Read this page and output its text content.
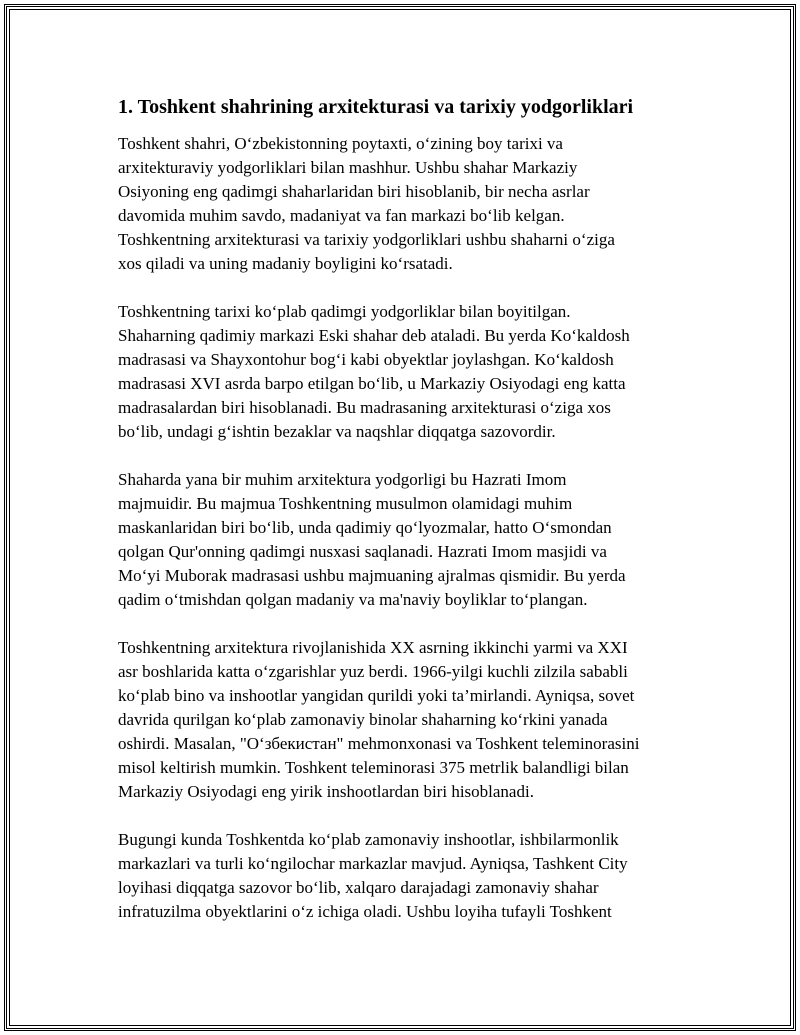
1. Toshkent shahrining arxitekturasi va tarixiy yodgorliklari
Toshkent shahri, O‘zbekistonning poytaxti, o‘zining boy tarixi va
arxitekturaviy yodgorliklari bilan mashhur. Ushbu shahar Markaziy
Osiyoning eng qadimgi shaharlaridan biri hisoblanib, bir necha asrlar
davomida muhim savdo, madaniyat va fan markazi bo‘lib kelgan.
Toshkentning arxitekturasi va tarixiy yodgorliklari ushbu shaharni o‘ziga
xos qiladi va uning madaniy boyligini ko‘rsatadi.
Toshkentning tarixi ko‘plab qadimgi yodgorliklar bilan boyitilgan.
Shaharning qadimiy markazi Eski shahar deb ataladi. Bu yerda Ko‘kaldosh
madrasasi va Shayxontohur bog‘i kabi obyektlar joylashgan. Ko‘kaldosh
madrasasi XVI asrda barpo etilgan bo‘lib, u Markaziy Osiyodagi eng katta
madrasalardan biri hisoblanadi. Bu madrasaning arxitekturasi o‘ziga xos
bo‘lib, undagi g‘ishtin bezaklar va naqshlar diqqatga sazovordir.
Shaharda yana bir muhim arxitektura yodgorligi bu Hazrati Imom
majmuidir. Bu majmua Toshkentning musulmon olamidagi muhim
maskanlaridan biri bo‘lib, unda qadimiy qo‘lyozmalar, hatto O‘smondan
qolgan Qur'onning qadimgi nusxasi saqlanadi. Hazrati Imom masjidi va
Mo‘yi Muborak madrasasi ushbu majmuaning ajralmas qismidir. Bu yerda
qadim o‘tmishdan qolgan madaniy va ma'naviy boyliklar to‘plangan.
Toshkentning arxitektura rivojlanishida XX asrning ikkinchi yarmi va XXI
asr boshlarida katta o‘zgarishlar yuz berdi. 1966-yilgi kuchli zilzila sababli
ko‘plab bino va inshootlar yangidan qurildi yoki ta’mirlandi. Ayniqsa, sovet
davrida qurilgan ko‘plab zamonaviy binolar shaharning ko‘rkini yanada
oshirdi. Masalan, "Oʻзбекистан" mehmonxonasi va Toshkent teleminorasini
misol keltirish mumkin. Toshkent teleminorasi 375 metrlik balandligi bilan
Markaziy Osiyodagi eng yirik inshootlardan biri hisoblanadi.
Bugungi kunda Toshkentda ko‘plab zamonaviy inshootlar, ishbilarmonlik
markazlari va turli ko‘ngilochar markazlar mavjud. Ayniqsa, Tashkent City
loyihasi diqqatga sazovor bo‘lib, xalqaro darajadagi zamonaviy shahar
infratuzilma obyektlarini o‘z ichiga oladi. Ushbu loyiha tufayli Toshkent
